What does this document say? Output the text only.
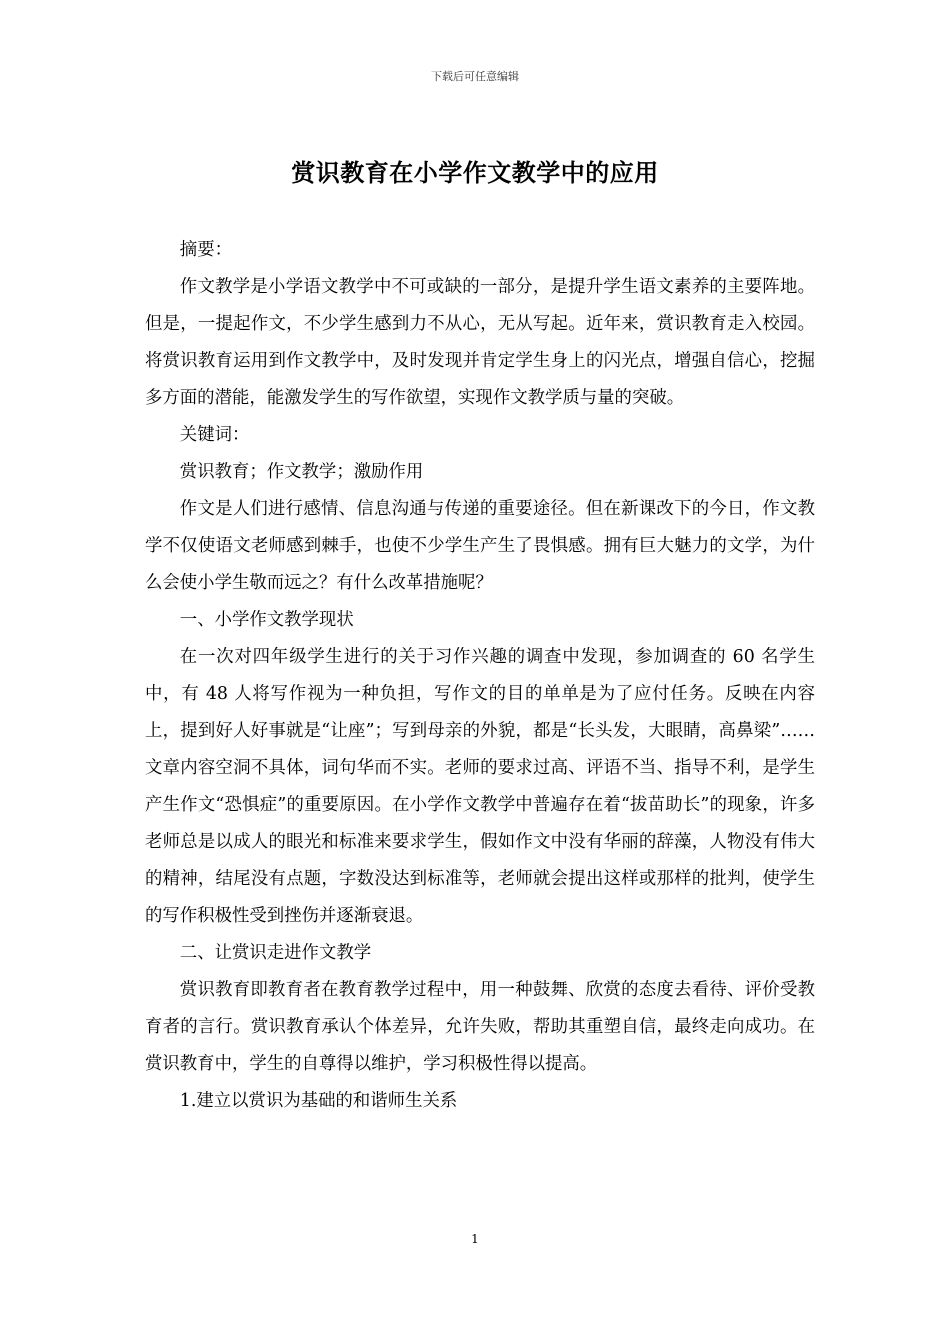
下载后可任意编辑
赏识教育在小学作文教学中的应用

摘要：

作文教学是小学语文教学中不可或缺的一部分，是提升学生语文素养的主要阵地。但是，一提起作文，不少学生感到力不从心，无从写起。近年来，赏识教育走入校园。将赏识教育运用到作文教学中，及时发现并肯定学生身上的闪光点，增强自信心，挖掘多方面的潜能，能激发学生的写作欲望，实现作文教学质与量的突破。

关键词：

赏识教育；作文教学；激励作用

作文是人们进行感情、信息沟通与传递的重要途径。但在新课改下的今日，作文教学不仅使语文老师感到棘手，也使不少学生产生了畏惧感。拥有巨大魅力的文学，为什么会使小学生敬而远之？有什么改革措施呢？

一、小学作文教学现状

在一次对四年级学生进行的关于习作兴趣的调查中发现，参加调查的 60 名学生中，有 48 人将写作视为一种负担，写作文的目的单单是为了应付任务。反映在内容上，提到好人好事就是“让座”；写到母亲的外貌，都是“长头发，大眼睛，高鼻梁”……文章内容空洞不具体，词句华而不实。老师的要求过高、评语不当、指导不利，是学生产生作文“恐惧症”的重要原因。在小学作文教学中普遍存在着“拔苗助长”的现象，许多老师总是以成人的眼光和标准来要求学生，假如作文中没有华丽的辞藻，人物没有伟大的精神，结尾没有点题，字数没达到标准等，老师就会提出这样或那样的批判，使学生的写作积极性受到挫伤并逐渐衰退。

二、让赏识走进作文教学

赏识教育即教育者在教育教学过程中，用一种鼓舞、欣赏的态度去看待、评价受教育者的言行。赏识教育承认个体差异，允许失败，帮助其重塑自信，最终走向成功。在赏识教育中，学生的自尊得以维护，学习积极性得以提高。

1.建立以赏识为基础的和谐师生关系

1
